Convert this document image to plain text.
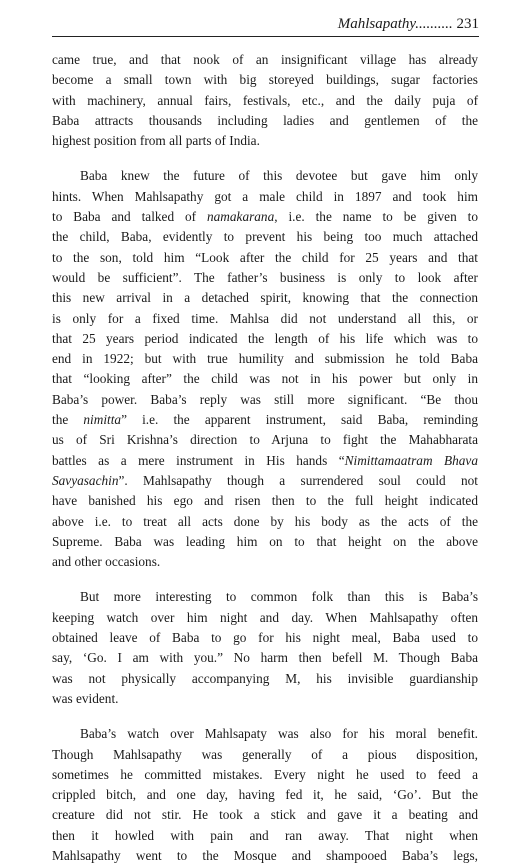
Mahlsapathy.......... 231
came true, and that nook of an insignificant village has already
become a small town with big storeyed buildings, sugar factories
with machinery, annual fairs, festivals, etc., and the daily puja of
Baba attracts thousands including ladies and gentlemen of the
highest position from all parts of India.
Baba knew the future of this devotee but gave him only
hints. When Mahlsapathy got a male child in 1897 and took him
to Baba and talked of namakarana, i.e. the name to be given to
the child, Baba, evidently to prevent his being too much attached
to the son, told him “Look after the child for 25 years and that
would be sufficient”. The father’s business is only to look after
this new arrival in a detached spirit, knowing that the connection
is only for a fixed time. Mahlsa did not understand all this, or
that 25 years period indicated the length of his life which was to
end in 1922; but with true humility and submission he told Baba
that “looking after” the child was not in his power but only in
Baba’s power. Baba’s reply was still more significant. “Be thou
the nimitta” i.e. the apparent instrument, said Baba, reminding
us of Sri Krishna’s direction to Arjuna to fight the Mahabharata
battles as a mere instrument in His hands “Nimittamaatram Bhava
Savyasachin”. Mahlsapathy though a surrendered soul could not
have banished his ego and risen then to the full height indicated
above i.e. to treat all acts done by his body as the acts of the
Supreme. Baba was leading him on to that height on the above
and other occasions.
But more interesting to common folk than this is Baba’s
keeping watch over him night and day. When Mahlsapathy often
obtained leave of Baba to go for his night meal, Baba used to
say, ‘Go. I am with you.” No harm then befell M. Though Baba
was not physically accompanying M, his invisible guardianship
was evident.
Baba’s watch over Mahlsapaty was also for his moral benefit.
Though Mahlsapathy was generally of a pious disposition,
sometimes he committed mistakes. Every night he used to feed a
crippled bitch, and one day, having fed it, he said, ‘Go’. But the
creature did not stir. He took a stick and gave it a beating and
then it howled with pain and ran away. That night when
Mahlsapathy went to the Mosque and shampooed Baba’s legs,
